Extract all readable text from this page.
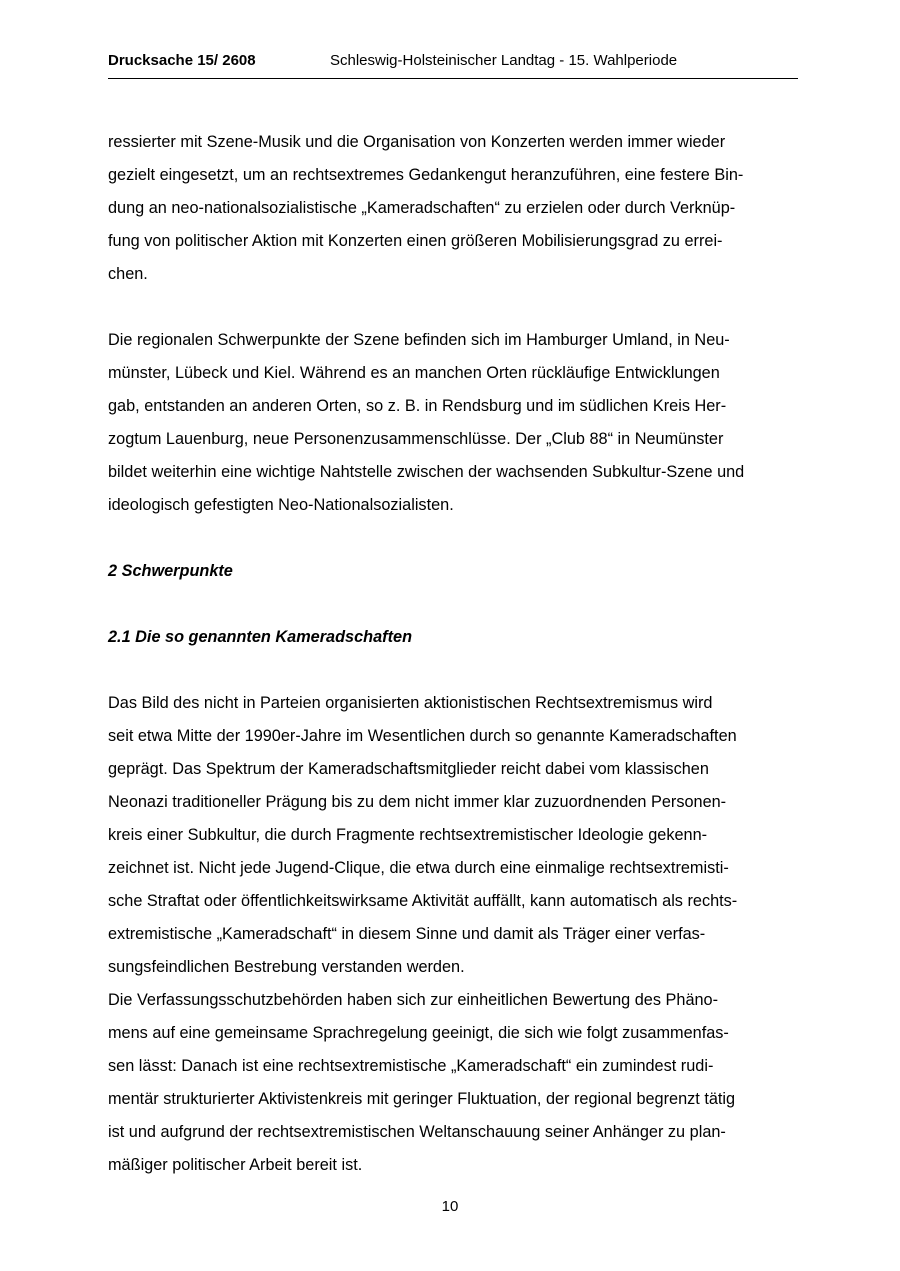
Drucksache 15/ 2608	Schleswig-Holsteinischer Landtag - 15. Wahlperiode
ressierter mit Szene-Musik und die Organisation von Konzerten werden immer wieder
gezielt eingesetzt, um an rechtsextremes Gedankengut heranzuführen, eine festere Bin-
dung an neo-nationalsozialistische „Kameradschaften“ zu erzielen oder durch Verknüp-
fung von politischer Aktion mit Konzerten einen größeren Mobilisierungsgrad zu errei-
chen.
Die regionalen Schwerpunkte der Szene befinden sich im Hamburger Umland, in Neu-
münster, Lübeck und Kiel. Während es an manchen Orten rückläufige Entwicklungen
gab, entstanden an anderen Orten, so z. B. in Rendsburg und im südlichen Kreis Her-
zogtum Lauenburg, neue Personenzusammenschlüsse. Der „Club 88“ in Neumünster
bildet weiterhin eine wichtige Nahtstelle zwischen der wachsenden Subkultur-Szene und
ideologisch gefestigten Neo-Nationalsozialisten.
2 Schwerpunkte
2.1 Die so genannten Kameradschaften
Das Bild des nicht in Parteien organisierten aktionistischen Rechtsextremismus wird
seit etwa Mitte der 1990er-Jahre im Wesentlichen durch so genannte Kameradschaften
geprägt. Das Spektrum der Kameradschaftsmitglieder reicht dabei vom klassischen
Neonazi traditioneller Prägung bis zu dem nicht immer klar zuzuordnenden Personen-
kreis einer Subkultur, die durch Fragmente rechtsextremistischer Ideologie gekenn-
zeichnet ist. Nicht jede Jugend-Clique, die etwa durch eine einmalige rechtsextremisti-
sche Straftat oder öffentlichkeitswirksame Aktivität auffällt, kann automatisch als rechts-
extremistische „Kameradschaft“ in diesem Sinne und damit als Träger einer verfas-
sungsfeindlichen Bestrebung verstanden werden.
Die Verfassungsschutzbehörden haben sich zur einheitlichen Bewertung des Phäno-
mens auf eine gemeinsame Sprachregelung geeinigt, die sich wie folgt zusammenfas-
sen lässt: Danach ist eine rechtsextremistische „Kameradschaft“ ein zumindest rudi-
mentär strukturierter Aktivistenkreis mit geringer Fluktuation, der regional begrenzt tätig
ist und aufgrund der rechtsextremistischen Weltanschauung seiner Anhänger zu plan-
mäßiger politischer Arbeit bereit ist.
10
